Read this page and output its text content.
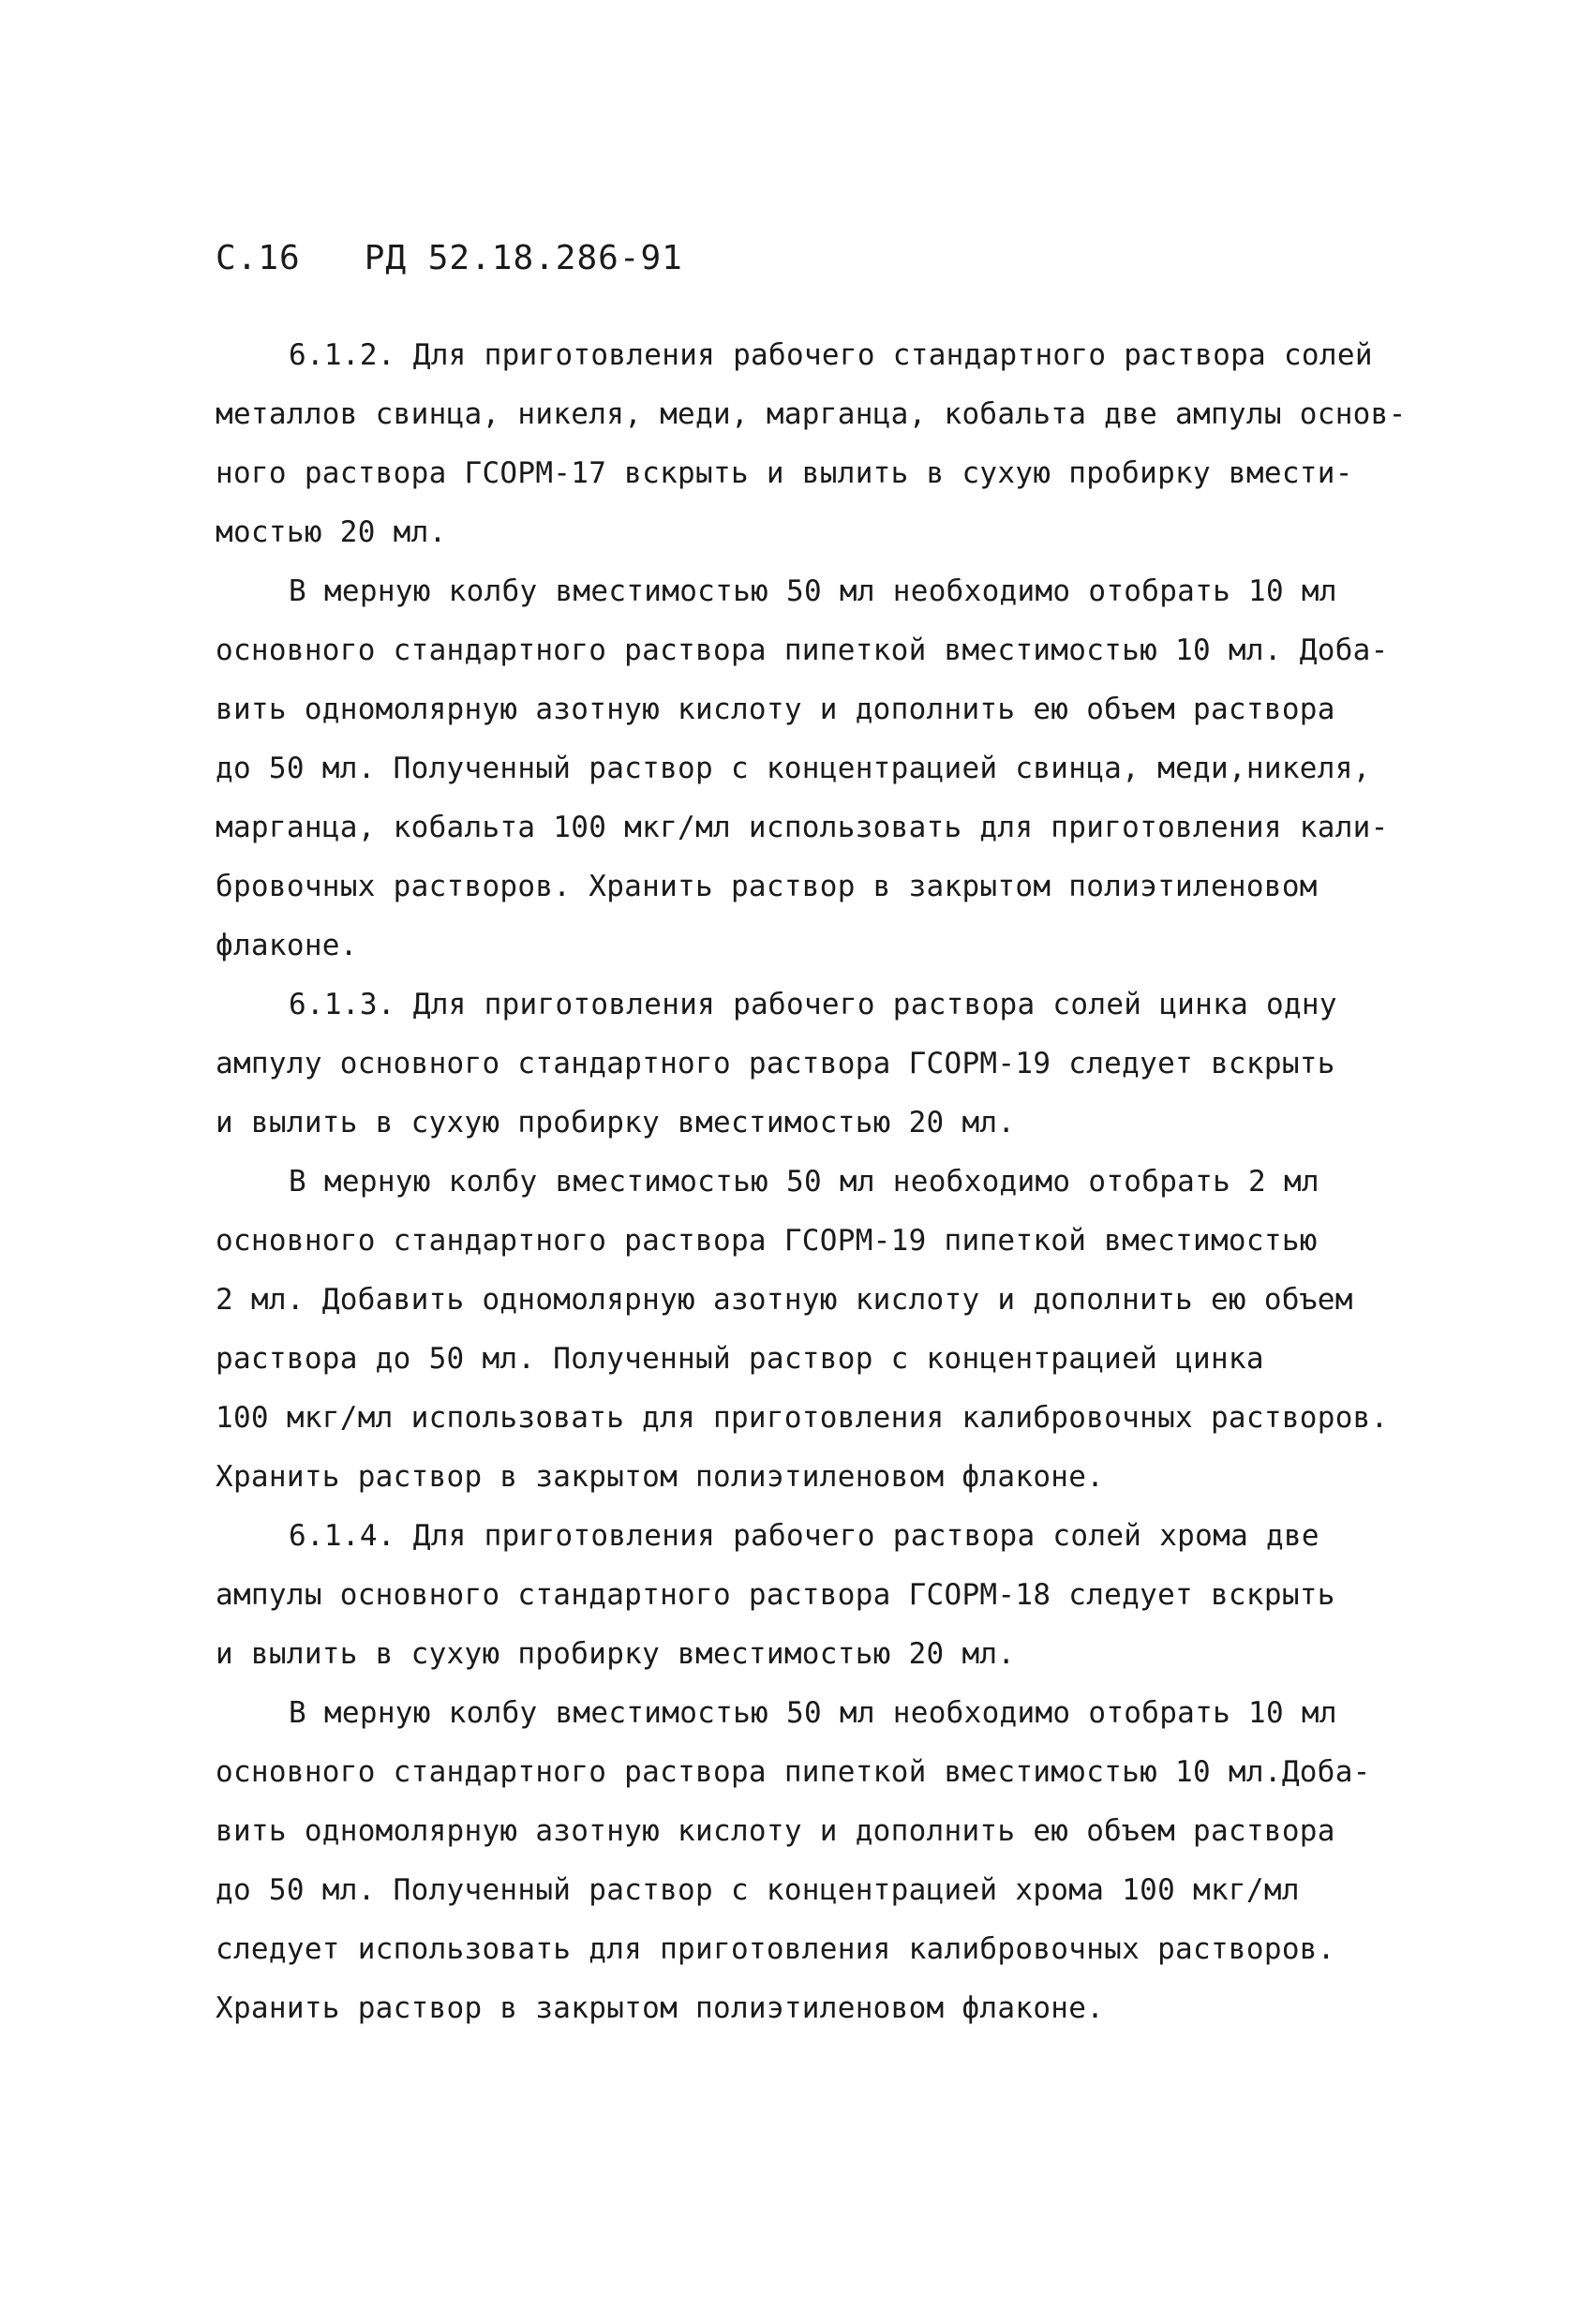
С.16 РД 52.18.286-91
6.1.2. Для приготовления рабочего стандартного раствора солей
металлов свинца, никеля, меди, марганца, кобальта две ампулы основ-
ного раствора ГСОРМ-17 вскрыть и вылить в сухую пробирку вмести-
мостью 20 мл.
В мерную колбу вместимостью 50 мл необходимо отобрать 10 мл
основного стандартного раствора пипеткой вместимостью 10 мл. Доба-
вить одномолярную азотную кислоту и дополнить ею объем раствора
до 50 мл. Полученный раствор с концентрацией свинца, меди,никеля,
марганца, кобальта 100 мкг/мл использовать для приготовления кали-
бровочных растворов. Хранить раствор в закрытом полиэтиленовом
флаконе.
6.1.3. Для приготовления рабочего раствора солей цинка одну
ампулу основного стандартного раствора ГСОРМ-19 следует вскрыть
и вылить в сухую пробирку вместимостью 20 мл.
В мерную колбу вместимостью 50 мл необходимо отобрать 2 мл
основного стандартного раствора ГСОРМ-19 пипеткой вместимостью
2 мл. Добавить одномолярную азотную кислоту и дополнить ею объем
раствора до 50 мл. Полученный раствор с концентрацией цинка
100 мкг/мл использовать для приготовления калибровочных растворов.
Хранить раствор в закрытом полиэтиленовом флаконе.
6.1.4. Для приготовления рабочего раствора солей хрома две
ампулы основного стандартного раствора ГСОРМ-18 следует вскрыть
и вылить в сухую пробирку вместимостью 20 мл.
В мерную колбу вместимостью 50 мл необходимо отобрать 10 мл
основного стандартного раствора пипеткой вместимостью 10 мл.Доба-
вить одномолярную азотную кислоту и дополнить ею объем раствора
до 50 мл. Полученный раствор с концентрацией хрома 100 мкг/мл
следует использовать для приготовления калибровочных растворов.
Хранить раствор в закрытом полиэтиленовом флаконе.
